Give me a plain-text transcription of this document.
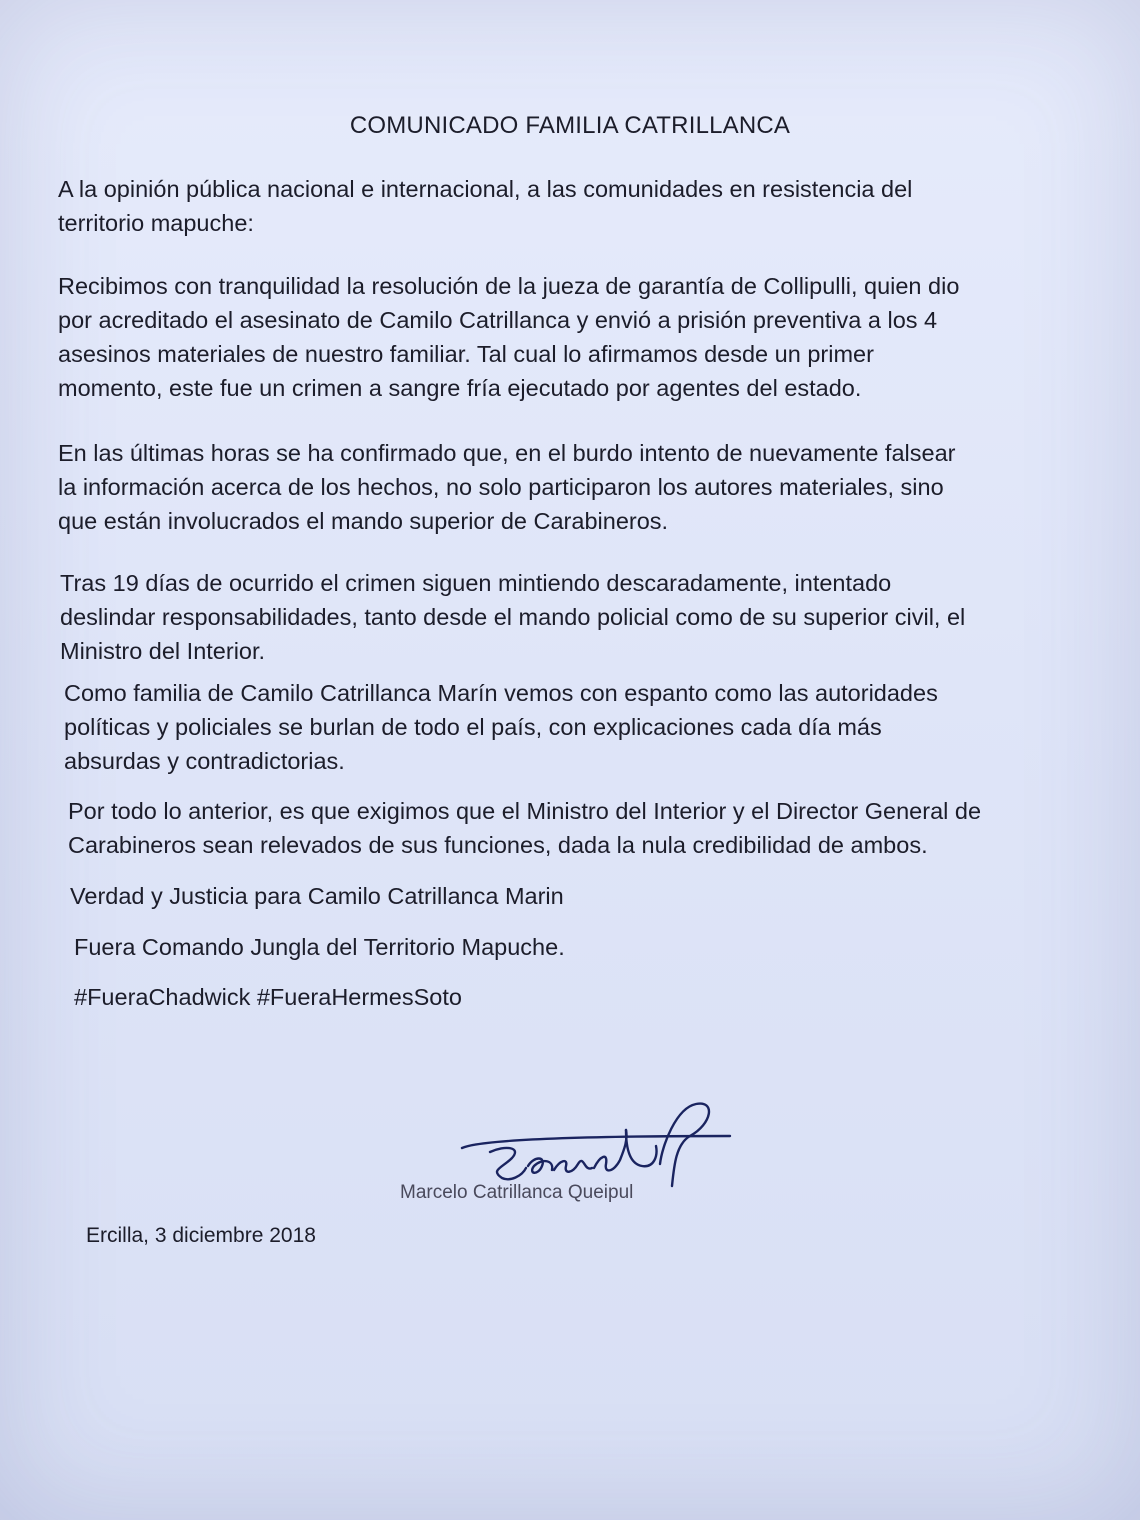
COMUNICADO FAMILIA CATRILLANCA
A la opinión pública nacional e internacional, a las comunidades en resistencia del
territorio mapuche:
Recibimos con tranquilidad la resolución de la jueza de garantía de Collipulli, quien dio
por acreditado el asesinato de Camilo Catrillanca y envió a prisión preventiva a los 4
asesinos materiales de nuestro familiar. Tal cual lo afirmamos desde un primer
momento, este fue un crimen a sangre fría ejecutado por agentes del estado.
En las últimas horas se ha confirmado que, en el burdo intento de nuevamente falsear
la información acerca de los hechos, no solo participaron los autores materiales, sino
que están involucrados el mando superior de Carabineros.
Tras 19 días de ocurrido el crimen siguen mintiendo descaradamente, intentado
deslindar responsabilidades, tanto desde el mando policial como de su superior civil, el
Ministro del Interior.
Como familia de Camilo Catrillanca Marín vemos con espanto como las autoridades
políticas y policiales se burlan de todo el país, con explicaciones cada día más
absurdas y contradictorias.
Por todo lo anterior, es que exigimos que el Ministro del Interior y el Director General de
Carabineros sean relevados de sus funciones, dada la nula credibilidad de ambos.
Verdad y Justicia para Camilo Catrillanca Marin
Fuera Comando Jungla del Territorio Mapuche.
#FueraChadwick #FueraHermesSoto
Marcelo Catrillanca Queipul
Ercilla, 3 diciembre 2018
